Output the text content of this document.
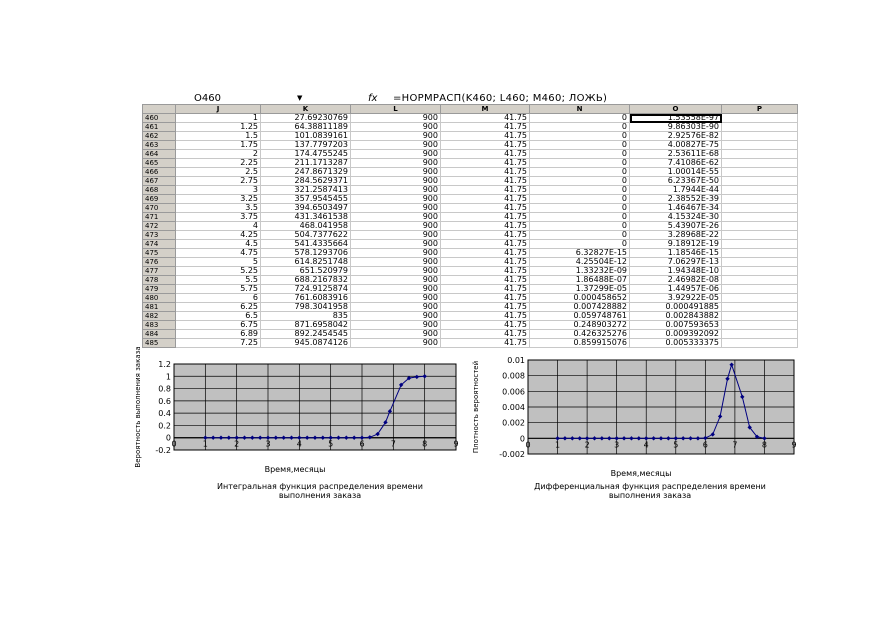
O460	▼	fx =НОРМРАСП(K460; L460; M460; ЛОЖЬ)
	J	K	L	M	N	O	P	
460	1	27.69230769	900	41.75	0	1.53558E-97		
461	1.25	64.38811189	900	41.75	0	9.86303E-90		
462	1.5	101.0839161	900	41.75	0	2.92576E-82		
463	1.75	137.7797203	900	41.75	0	4.00827E-75		
464	2	174.4755245	900	41.75	0	2.53611E-68		
465	2.25	211.1713287	900	41.75	0	7.41086E-62		
466	2.5	247.8671329	900	41.75	0	1.00014E-55		
467	2.75	284.5629371	900	41.75	0	6.23367E-50		
468	3	321.2587413	900	41.75	0	1.7944E-44		
469	3.25	357.9545455	900	41.75	0	2.38552E-39		
470	3.5	394.6503497	900	41.75	0	1.46467E-34		
471	3.75	431.3461538	900	41.75	0	4.15324E-30		
472	4	468.041958	900	41.75	0	5.43907E-26		
473	4.25	504.7377622	900	41.75	0	3.28968E-22		
474	4.5	541.4335664	900	41.75	0	9.18912E-19		
475	4.75	578.1293706	900	41.75	6.32827E-15	1.18546E-15		
476	5	614.8251748	900	41.75	4.25504E-12	7.06297E-13		
477	5.25	651.520979	900	41.75	1.33232E-09	1.94348E-10		
478	5.5	688.2167832	900	41.75	1.86488E-07	2.46982E-08		
479	5.75	724.9125874	900	41.75	1.37299E-05	1.44957E-06		
480	6	761.6083916	900	41.75	0.000458652	3.92922E-05		
481	6.25	798.3041958	900	41.75	0.007428882	0.000491885		
482	6.5	835	900	41.75	0.059748761	0.002843882		
483	6.75	871.6958042	900	41.75	0.248903272	0.007593653		
484	6.89	892.2454545	900	41.75	0.426325276	0.009392092		
485	7.25	945.0874126	900	41.75	0.859915076	0.005333375		
0	1	2	3	4	5	6	7	8	9
-0.2
0
0.2
0.4
0.6
0.8
1
1.2
Время,месяцы
Вероятность выполнения заказа
Интегральная функция распределения времени выполнения заказа
0	1	2	3	4	5	6	7	8	9
-0.002
0
0.002
0.004
0.006
0.008
0.01
Время,месяцы
Плотность вероятностей
Дифференциальная функция распределения времени выполнения заказа
